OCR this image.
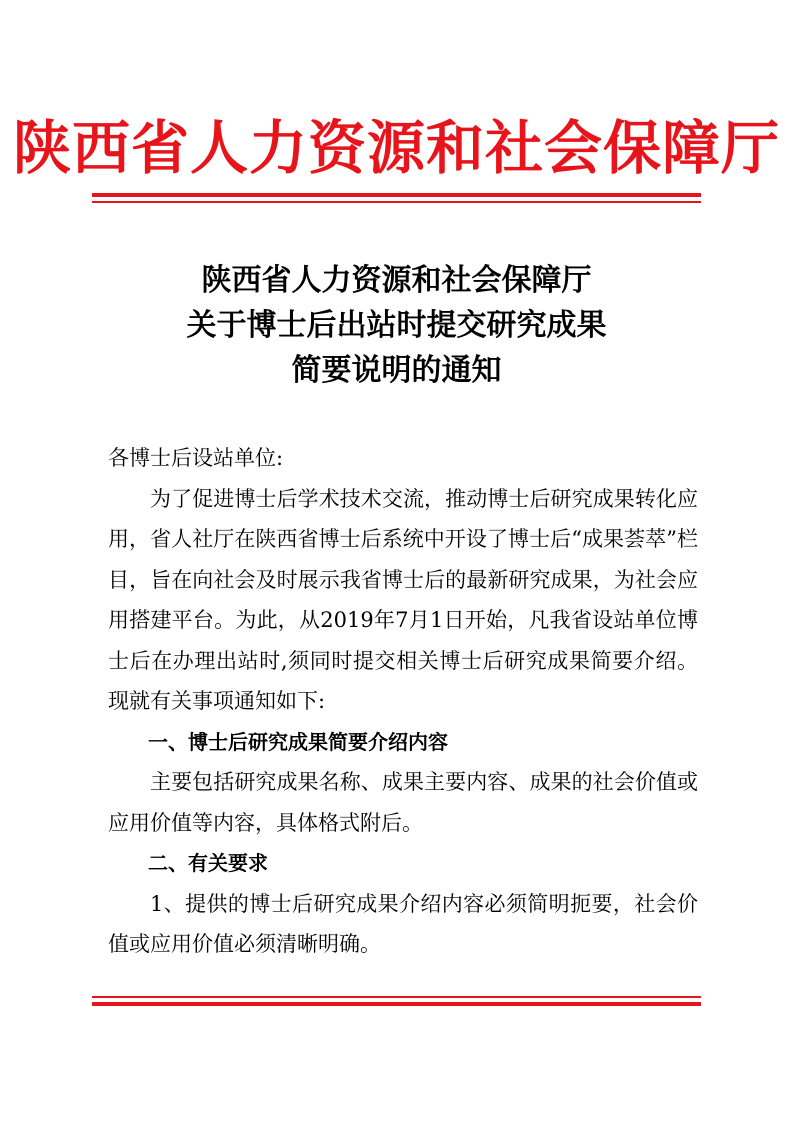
陕西省人力资源和社会保障厅
陕西省人力资源和社会保障厅
关于博士后出站时提交研究成果
简要说明的通知

各博士后设站单位:

为了促进博士后学术技术交流，推动博士后研究成果转化应用，省人社厅在陕西省博士后系统中开设了博士后“成果荟萃”栏目，旨在向社会及时展示我省博士后的最新研究成果，为社会应用搭建平台。为此，从2019年7月1日开始，凡我省设站单位博士后在办理出站时,须同时提交相关博士后研究成果简要介绍。现就有关事项通知如下:

一、博士后研究成果简要介绍内容

主要包括研究成果名称、成果主要内容、成果的社会价值或应用价值等内容，具体格式附后。

二、有关要求

1、提供的博士后研究成果介绍内容必须简明扼要，社会价值或应用价值必须清晰明确。
